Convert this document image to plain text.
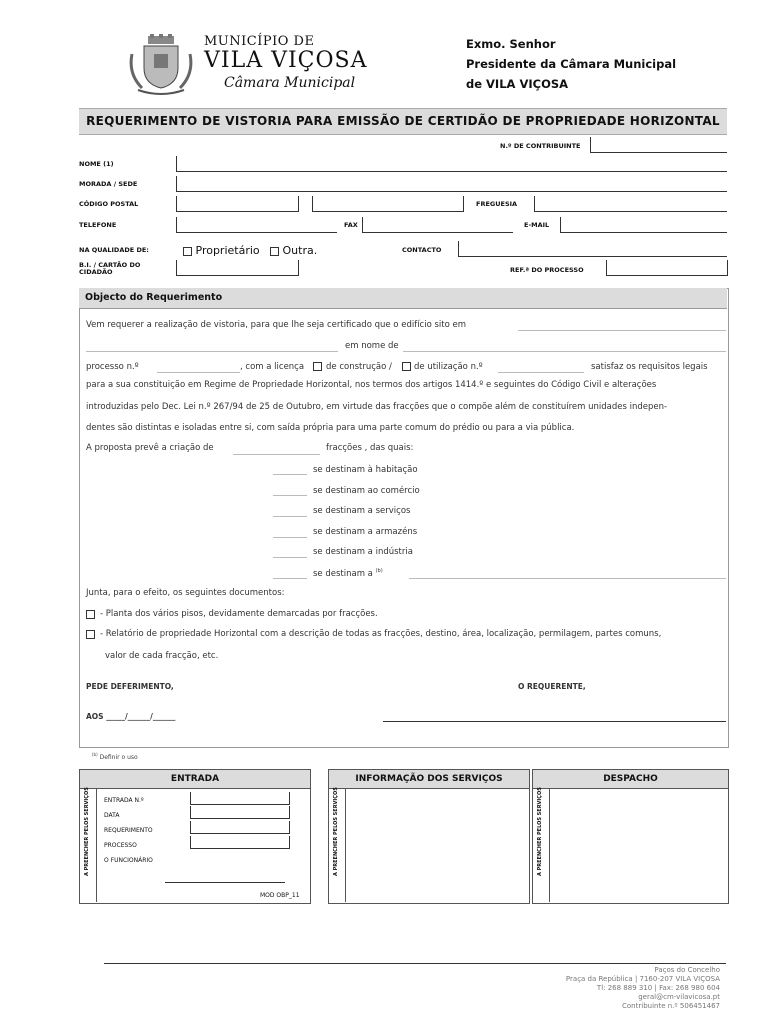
MUNICÍPIO DE
VILA VIÇOSA
Câmara Municipal
Exmo. Senhor
Presidente da Câmara Municipal
de VILA VIÇOSA
REQUERIMENTO DE VISTORIA PARA EMISSÃO DE CERTIDÃO DE PROPRIEDADE HORIZONTAL
N.º DE CONTRIBUINTE
NOME (1)
MORADA / SEDE
CÓDIGO POSTAL	FREGUESIA
TELEFONE	FAX	E-MAIL
NA QUALIDADE DE:	Proprietário	Outra.	CONTACTO
B.I. / CARTÃO DO CIDADÃO	REF.ª DO PROCESSO
Objecto do Requerimento
Vem requerer a realização de vistoria, para que lhe seja certificado que o edifício sito em
em nome de
processo n.º	, com a licença	de construção /	de utilização n.º	satisfaz os requisitos legais
para a sua constituição em Regime de Propriedade Horizontal, nos termos dos artigos 1414.º e seguintes do Código Civil e alterações
introduzidas pelo Dec. Lei n.º 267/94 de 25 de Outubro, em virtude das fracções que o compõe além de constituírem unidades indepen-
dentes são distintas e isoladas entre si, com saída própria para uma parte comum do prédio ou para a via pública.
A proposta prevê a criação de	fracções , das quais:
se destinam à habitação
se destinam ao comércio
se destinam a serviços
se destinam a armazéns
se destinam a indústria
se destinam a $^{(b)}$
Junta, para o efeito, os seguintes documentos:
- Planta dos vários pisos, devidamente demarcadas por fracções.
- Relatório de propriedade Horizontal com a descrição de todas as fracções, destino, área, localização, permilagem, partes comuns,
valor de cada fracção, etc.
PEDE DEFERIMENTO,	O REQUERENTE,
AOS _____/______/______
$^{(b)}$ Definir o uso
ENTRADA
A PREENCHER PELOS SERVIÇOS ENTRADA N.º
DATA
REQUERIMENTO
PROCESSO
O FUNCIONÁRIO
MOD OBP_11
INFORMAÇÃO DOS SERVIÇOS
A PREENCHER PELOS SERVIÇOS
DESPACHO
A PREENCHER PELOS SERVIÇOS
Paços do Concelho
Praça da República | 7160-207 VILA VIÇOSA
Tl: 268 889 310 | Fax: 268 980 604
geral@cm-vilavicosa.pt
Contribuinte n.º 506451467
